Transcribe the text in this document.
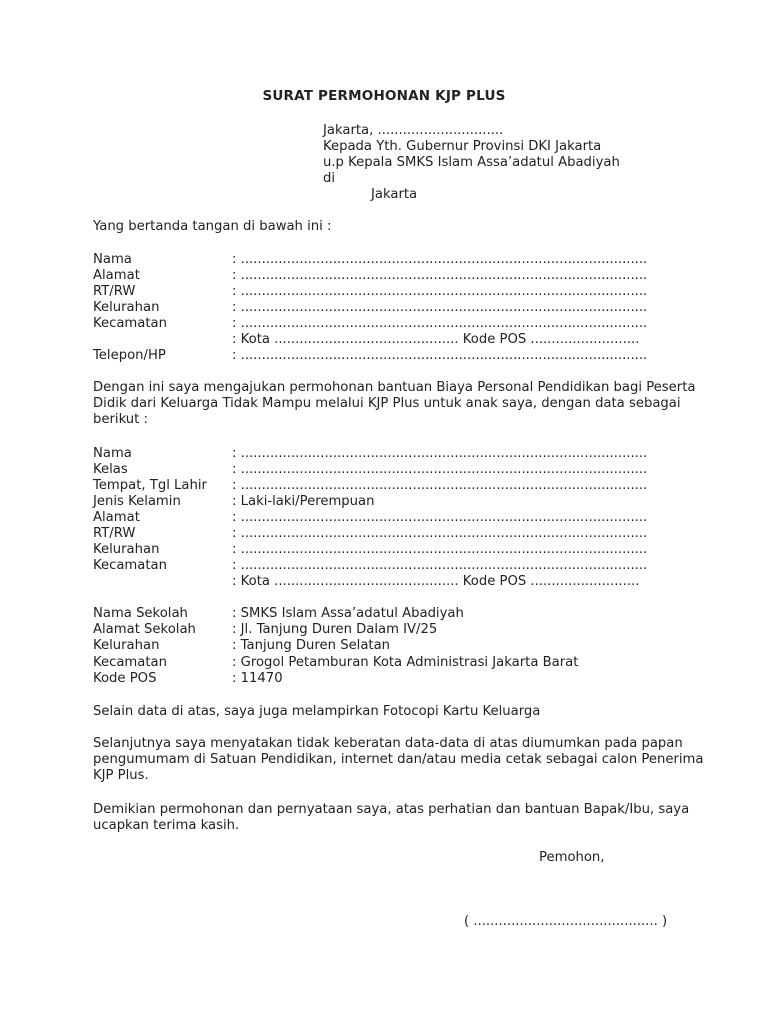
SURAT PERMOHONAN KJP PLUS
Jakarta, ..............................
Kepada Yth. Gubernur Provinsi DKI Jakarta
u.p Kepala SMKS Islam Assa’adatul Abadiyah
di
Jakarta
Yang bertanda tangan di bawah ini :
Nama	: .................................................................................................
Alamat	: .................................................................................................
RT/RW	: .................................................................................................
Kelurahan	: .................................................................................................
Kecamatan	: .................................................................................................
: Kota ............................................ Kode POS ..........................
Telepon/HP	: .................................................................................................
Dengan ini saya mengajukan permohonan bantuan Biaya Personal Pendidikan bagi Peserta
Didik dari Keluarga Tidak Mampu melalui KJP Plus untuk anak saya, dengan data sebagai
berikut :
Nama	: .................................................................................................
Kelas	: .................................................................................................
Tempat, Tgl Lahir : .................................................................................................
Jenis Kelamin	: Laki-laki/Perempuan
Alamat	: .................................................................................................
RT/RW	: .................................................................................................
Kelurahan	: .................................................................................................
Kecamatan	: .................................................................................................
: Kota ............................................ Kode POS ..........................
Nama Sekolah	: SMKS Islam Assa’adatul Abadiyah
Alamat Sekolah	: Jl. Tanjung Duren Dalam IV/25
Kelurahan	: Tanjung Duren Selatan
Kecamatan	: Grogol Petamburan Kota Administrasi Jakarta Barat
Kode POS	: 11470
Selain data di atas, saya juga melampirkan Fotocopi Kartu Keluarga
Selanjutnya saya menyatakan tidak keberatan data-data di atas diumumkan pada papan
pengumumam di Satuan Pendidikan, internet dan/atau media cetak sebagai calon Penerima
KJP Plus.
Demikian permohonan dan pernyataan saya, atas perhatian dan bantuan Bapak/Ibu, saya
ucapkan terima kasih.
Pemohon,
( ............................................ )
